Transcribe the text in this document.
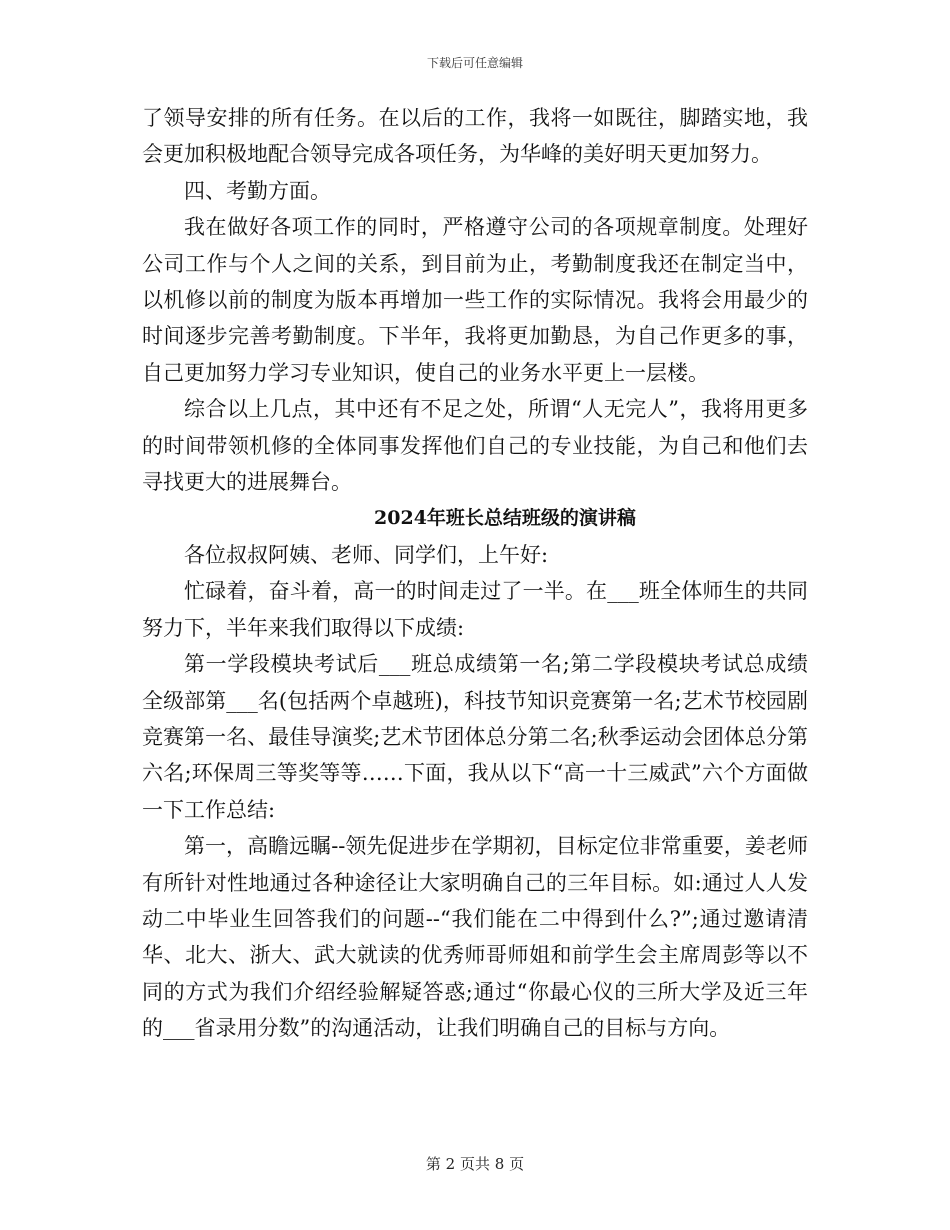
下载后可任意编辑

了领导安排的所有任务。在以后的工作，我将一如既往，脚踏实地，我会更加积极地配合领导完成各项任务，为华峰的美好明天更加努力。

四、考勤方面。

我在做好各项工作的同时，严格遵守公司的各项规章制度。处理好公司工作与个人之间的关系，到目前为止，考勤制度我还在制定当中，以机修以前的制度为版本再增加一些工作的实际情况。我将会用最少的时间逐步完善考勤制度。下半年，我将更加勤恳，为自己作更多的事，自己更加努力学习专业知识，使自己的业务水平更上一层楼。

综合以上几点，其中还有不足之处，所谓“人无完人”，我将用更多的时间带领机修的全体同事发挥他们自己的专业技能，为自己和他们去寻找更大的进展舞台。

2024年班长总结班级的演讲稿

各位叔叔阿姨、老师、同学们，上午好:

忙碌着，奋斗着，高一的时间走过了一半。在___班全体师生的共同努力下，半年来我们取得以下成绩:

第一学段模块考试后___班总成绩第一名;第二学段模块考试总成绩全级部第___名(包括两个卓越班)，科技节知识竞赛第一名;艺术节校园剧竞赛第一名、最佳导演奖;艺术节团体总分第二名;秋季运动会团体总分第六名;环保周三等奖等等……下面，我从以下“高一十三威武”六个方面做一下工作总结:

第一，高瞻远瞩--领先促进步在学期初，目标定位非常重要，姜老师有所针对性地通过各种途径让大家明确自己的三年目标。如:通过人人发动二中毕业生回答我们的问题--“我们能在二中得到什么?”;通过邀请清华、北大、浙大、武大就读的优秀师哥师姐和前学生会主席周彭等以不同的方式为我们介绍经验解疑答惑;通过“你最心仪的三所大学及近三年的___省录用分数”的沟通活动，让我们明确自己的目标与方向。

第 2 页共 8 页
